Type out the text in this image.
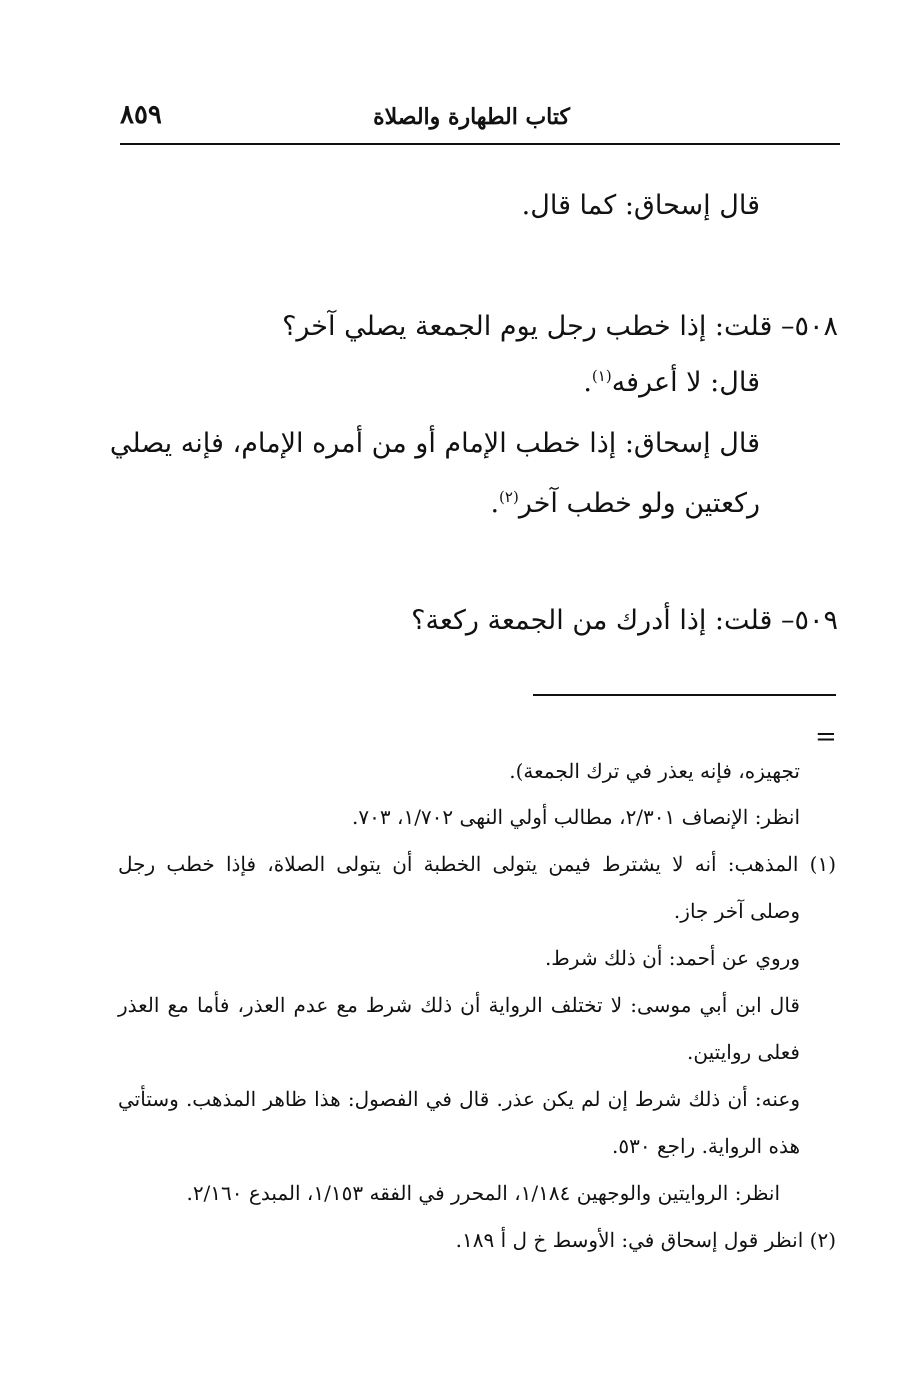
كتاب الطهارة والصلاة
٨٥٩
قال إسحاق: كما قال.
٥٠٨– قلت: إذا خطب رجل يوم الجمعة يصلي آخر؟
قال: لا أعرفه$^{(١)}$.
قال إسحاق: إذا خطب الإمام أو من أمره الإمام، فإنه يصلي
ركعتين ولو خطب آخر$^{(٢)}$.
٥٠٩– قلت: إذا أدرك من الجمعة ركعة؟
=
تجهيزه، فإنه يعذر في ترك الجمعة).
انظر: الإنصاف ٢/٣٠١، مطالب أولي النهى ١/٧٠٢، ٧٠٣.
(١) المذهب: أنه لا يشترط فيمن يتولى الخطبة أن يتولى الصلاة، فإذا خطب رجل
وصلى آخر جاز.
وروي عن أحمد: أن ذلك شرط.
قال ابن أبي موسى: لا تختلف الرواية أن ذلك شرط مع عدم العذر، فأما مع العذر
فعلى روايتين.
وعنه: أن ذلك شرط إن لم يكن عذر. قال في الفصول: هذا ظاهر المذهب. وستأتي
هذه الرواية. راجع ٥٣٠.
انظر: الروايتين والوجهين ١/١٨٤، المحرر في الفقه ١/١٥٣، المبدع ٢/١٦٠.
(٢) انظر قول إسحاق في: الأوسط خ ل أ ١٨٩.
